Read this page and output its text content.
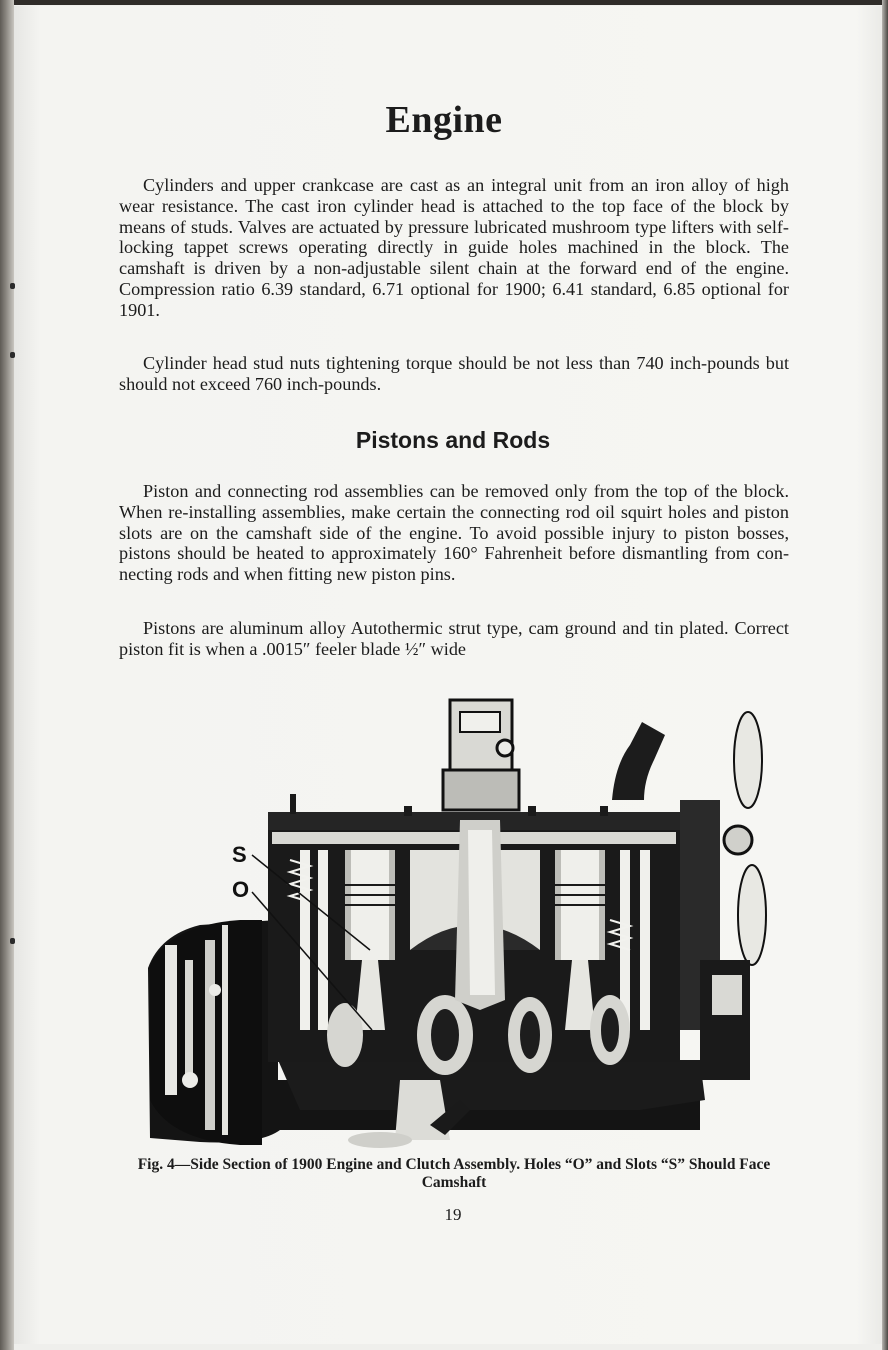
Engine

Cylinders and upper crankcase are cast as an integral unit from an iron alloy of high wear resistance. The cast iron cylinder head is attached to the top face of the block by means of studs. Valves are actuated by pressure lubricated mushroom type lifters with self-locking tappet screws operating directly in guide holes machined in the block. The camshaft is driven by a non-adjustable silent chain at the forward end of the engine. Compression ratio 6.39 standard, 6.71 optional for 1900; 6.41 standard, 6.85 optional for 1901.

Cylinder head stud nuts tightening torque should be not less than 740 inch-pounds but should not exceed 760 inch-pounds.

Pistons and Rods

Piston and connecting rod assemblies can be removed only from the top of the block. When re-installing assemblies, make certain the connecting rod oil squirt holes and piston slots are on the camshaft side of the engine. To avoid possible injury to piston bosses, pistons should be heated to approximately 160° Fahrenheit before dismantling from connecting rods and when fitting new piston pins.

Pistons are aluminum alloy Autothermic strut type, cam ground and tin plated. Correct piston fit is when a .0015″ feeler blade ½″ wide

S
O

Fig. 4—Side Section of 1900 Engine and Clutch Assembly. Holes “O” and Slots “S” Should Face Camshaft

19
